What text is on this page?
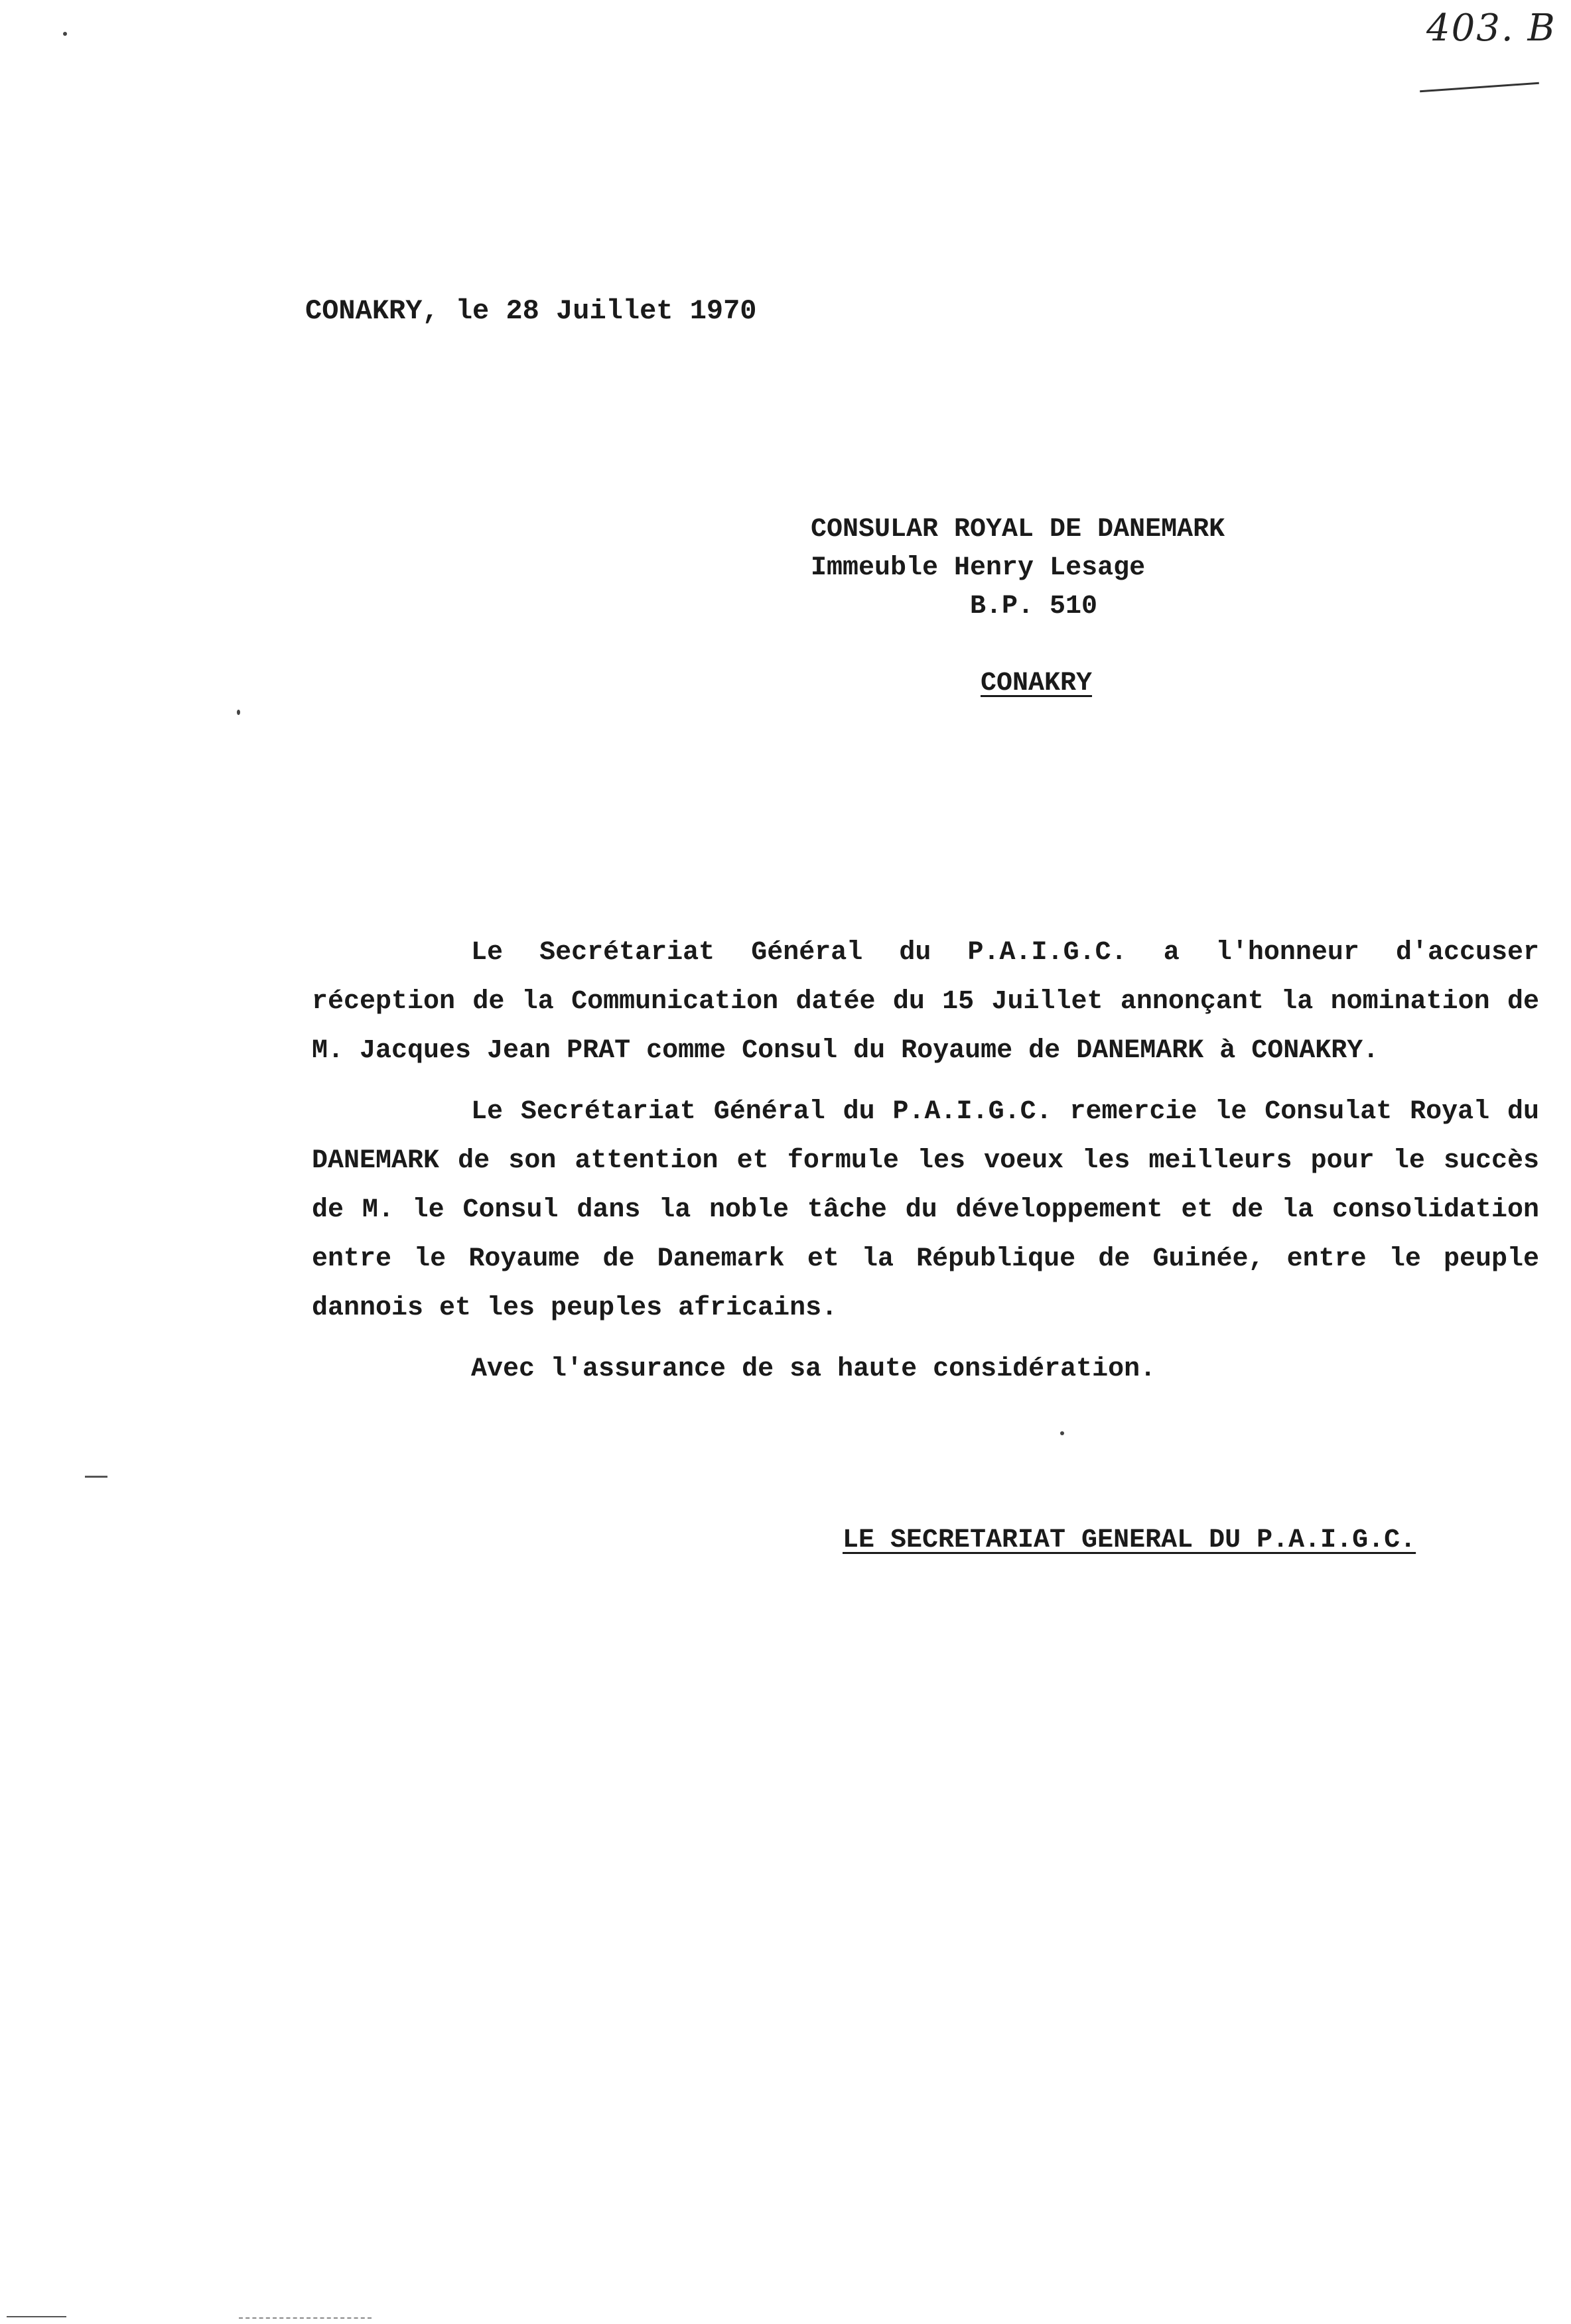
403. B
CONAKRY, le 28 Juillet 1970
CONSULAR ROYAL DE DANEMARK
Immeuble Henry Lesage
B.P. 510
CONAKRY

Le Secrétariat Général du P.A.I.G.C. a l'honneur d'accuser réception de la Communication datée du 15 Juillet annonçant la nomination de M. Jacques Jean PRAT comme Consul du Royaume de DANEMARK à CONAKRY.

Le Secrétariat Général du P.A.I.G.C. remercie le Consulat Royal du DANEMARK de son attention et formule les voeux les meilleurs pour le succès de M. le Consul dans la noble tâche du développement et de la consolidation entre le Royaume de Danemark et la République de Guinée, entre le peuple dannois et les peuples africains.

Avec l'assurance de sa haute considération.

LE SECRETARIAT GENERAL DU P.A.I.G.C.
